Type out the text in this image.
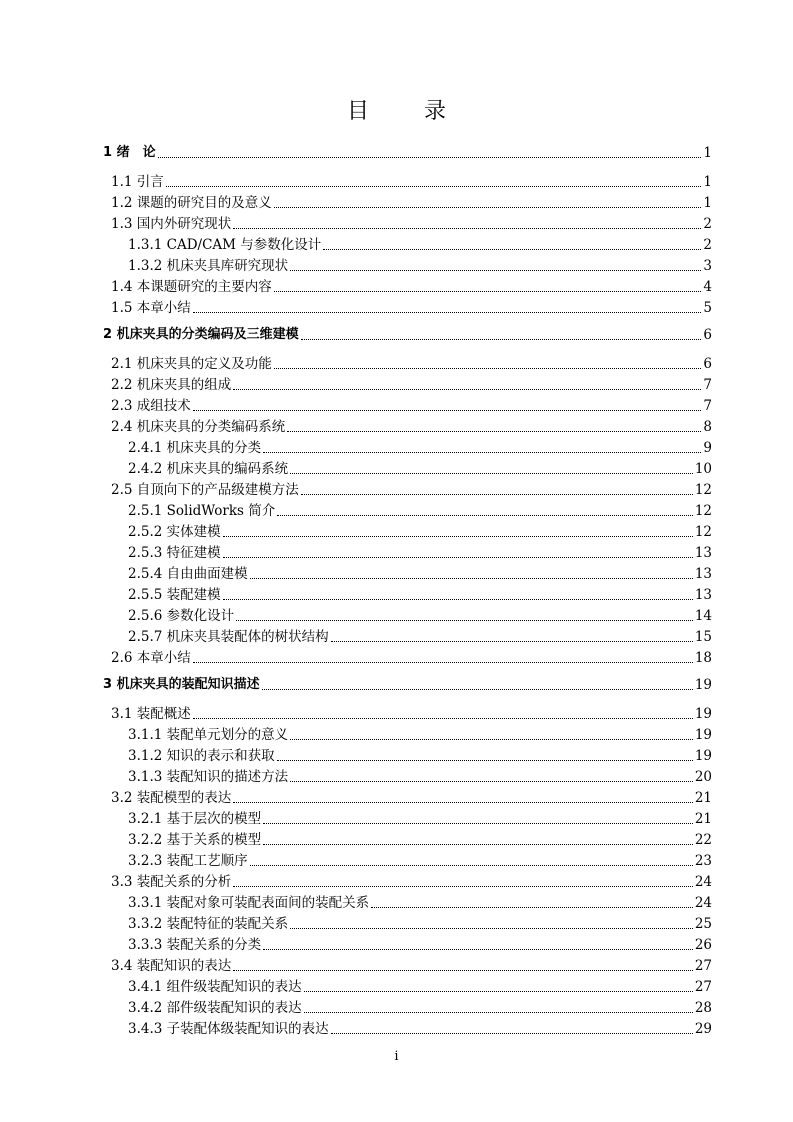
目 录
1 绪　论	1
1.1 引言	1
1.2 课题的研究目的及意义	1
1.3 国内外研究现状	2
1.3.1 CAD/CAM 与参数化设计	2
1.3.2 机床夹具库研究现状	3
1.4 本课题研究的主要内容	4
1.5 本章小结	5
2 机床夹具的分类编码及三维建模	6
2.1 机床夹具的定义及功能	6
2.2 机床夹具的组成	7
2.3 成组技术	7
2.4 机床夹具的分类编码系统	8
2.4.1 机床夹具的分类	9
2.4.2 机床夹具的编码系统	10
2.5 自顶向下的产品级建模方法	12
2.5.1 SolidWorks 简介	12
2.5.2 实体建模	12
2.5.3 特征建模	13
2.5.4 自由曲面建模	13
2.5.5 装配建模	13
2.5.6 参数化设计	14
2.5.7 机床夹具装配体的树状结构	15
2.6 本章小结	18
3 机床夹具的装配知识描述	19
3.1 装配概述	19
3.1.1 装配单元划分的意义	19
3.1.2 知识的表示和获取	19
3.1.3 装配知识的描述方法	20
3.2 装配模型的表达	21
3.2.1 基于层次的模型	21
3.2.2 基于关系的模型	22
3.2.3 装配工艺顺序	23
3.3 装配关系的分析	24
3.3.1 装配对象可装配表面间的装配关系	24
3.3.2 装配特征的装配关系	25
3.3.3 装配关系的分类	26
3.4 装配知识的表达	27
3.4.1 组件级装配知识的表达	27
3.4.2 部件级装配知识的表达	28
3.4.3 子装配体级装配知识的表达	29
i
